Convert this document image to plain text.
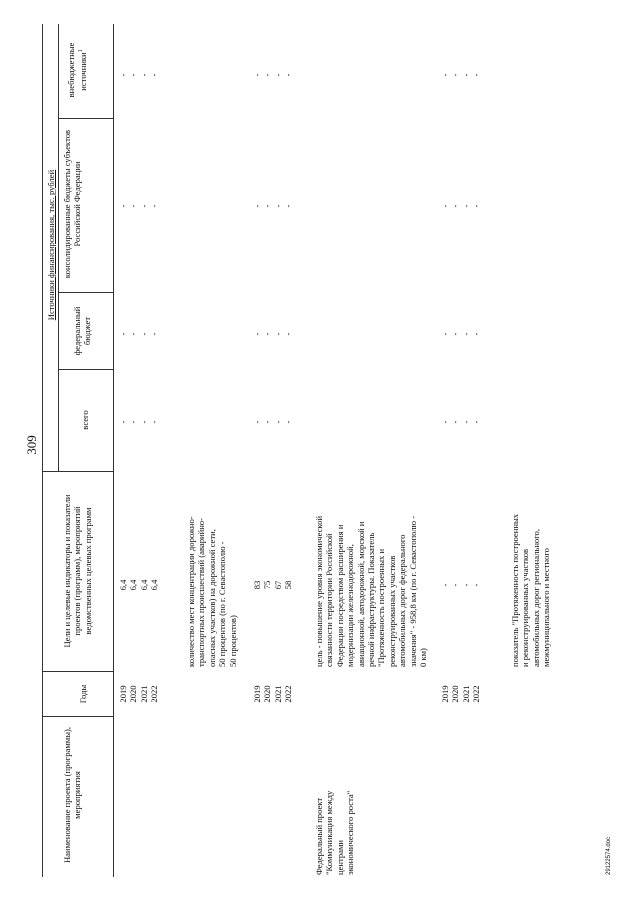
309
Наименование проекта (программы), мероприятия
Годы
Цели и целевые индикаторы и показатели проектов (программ), мероприятий ведомственных целевых программ
Источники финансирования, тыс. рублей
всего
федеральный бюджет
консолидированные бюджеты субъектов Российской Федерации
внебюджетные источники$^1$
2019 2020 2021 2022
6,4 6,4 6,4 6,4
- - - -
- - - -
- - - -
- - - -
количество мест концентрации дорожно- транспортных происшествий (аварийно- опасных участков) на дорожной сети, 50 процентов (по г. Севастополю - 50 процентов)
2019 2020 2021 2022
83 75 67 58
- - - -
- - - -
- - - -
- - - -
Федеральный проект "Коммуникация между центрами экономического роста"
цель - повышение уровня экономической связанности территории Российской Федерации посредством расширения и модернизации железнодорожной, авиационной, автодорожной, морской и речной инфраструктуры. Показатель "Протяженность построенных и реконструированных участков автомобильных дорог федерального значения" - 958,8 км (по г. Севастополю - 0 км)
2019 2020 2021 2022
- - - -
- - - -
- - - -
- - - -
- - - -
показатель "Протяженность построенных и реконструированных участков автомобильных дорог регионального, межмуниципального и местного
29122574.doc
